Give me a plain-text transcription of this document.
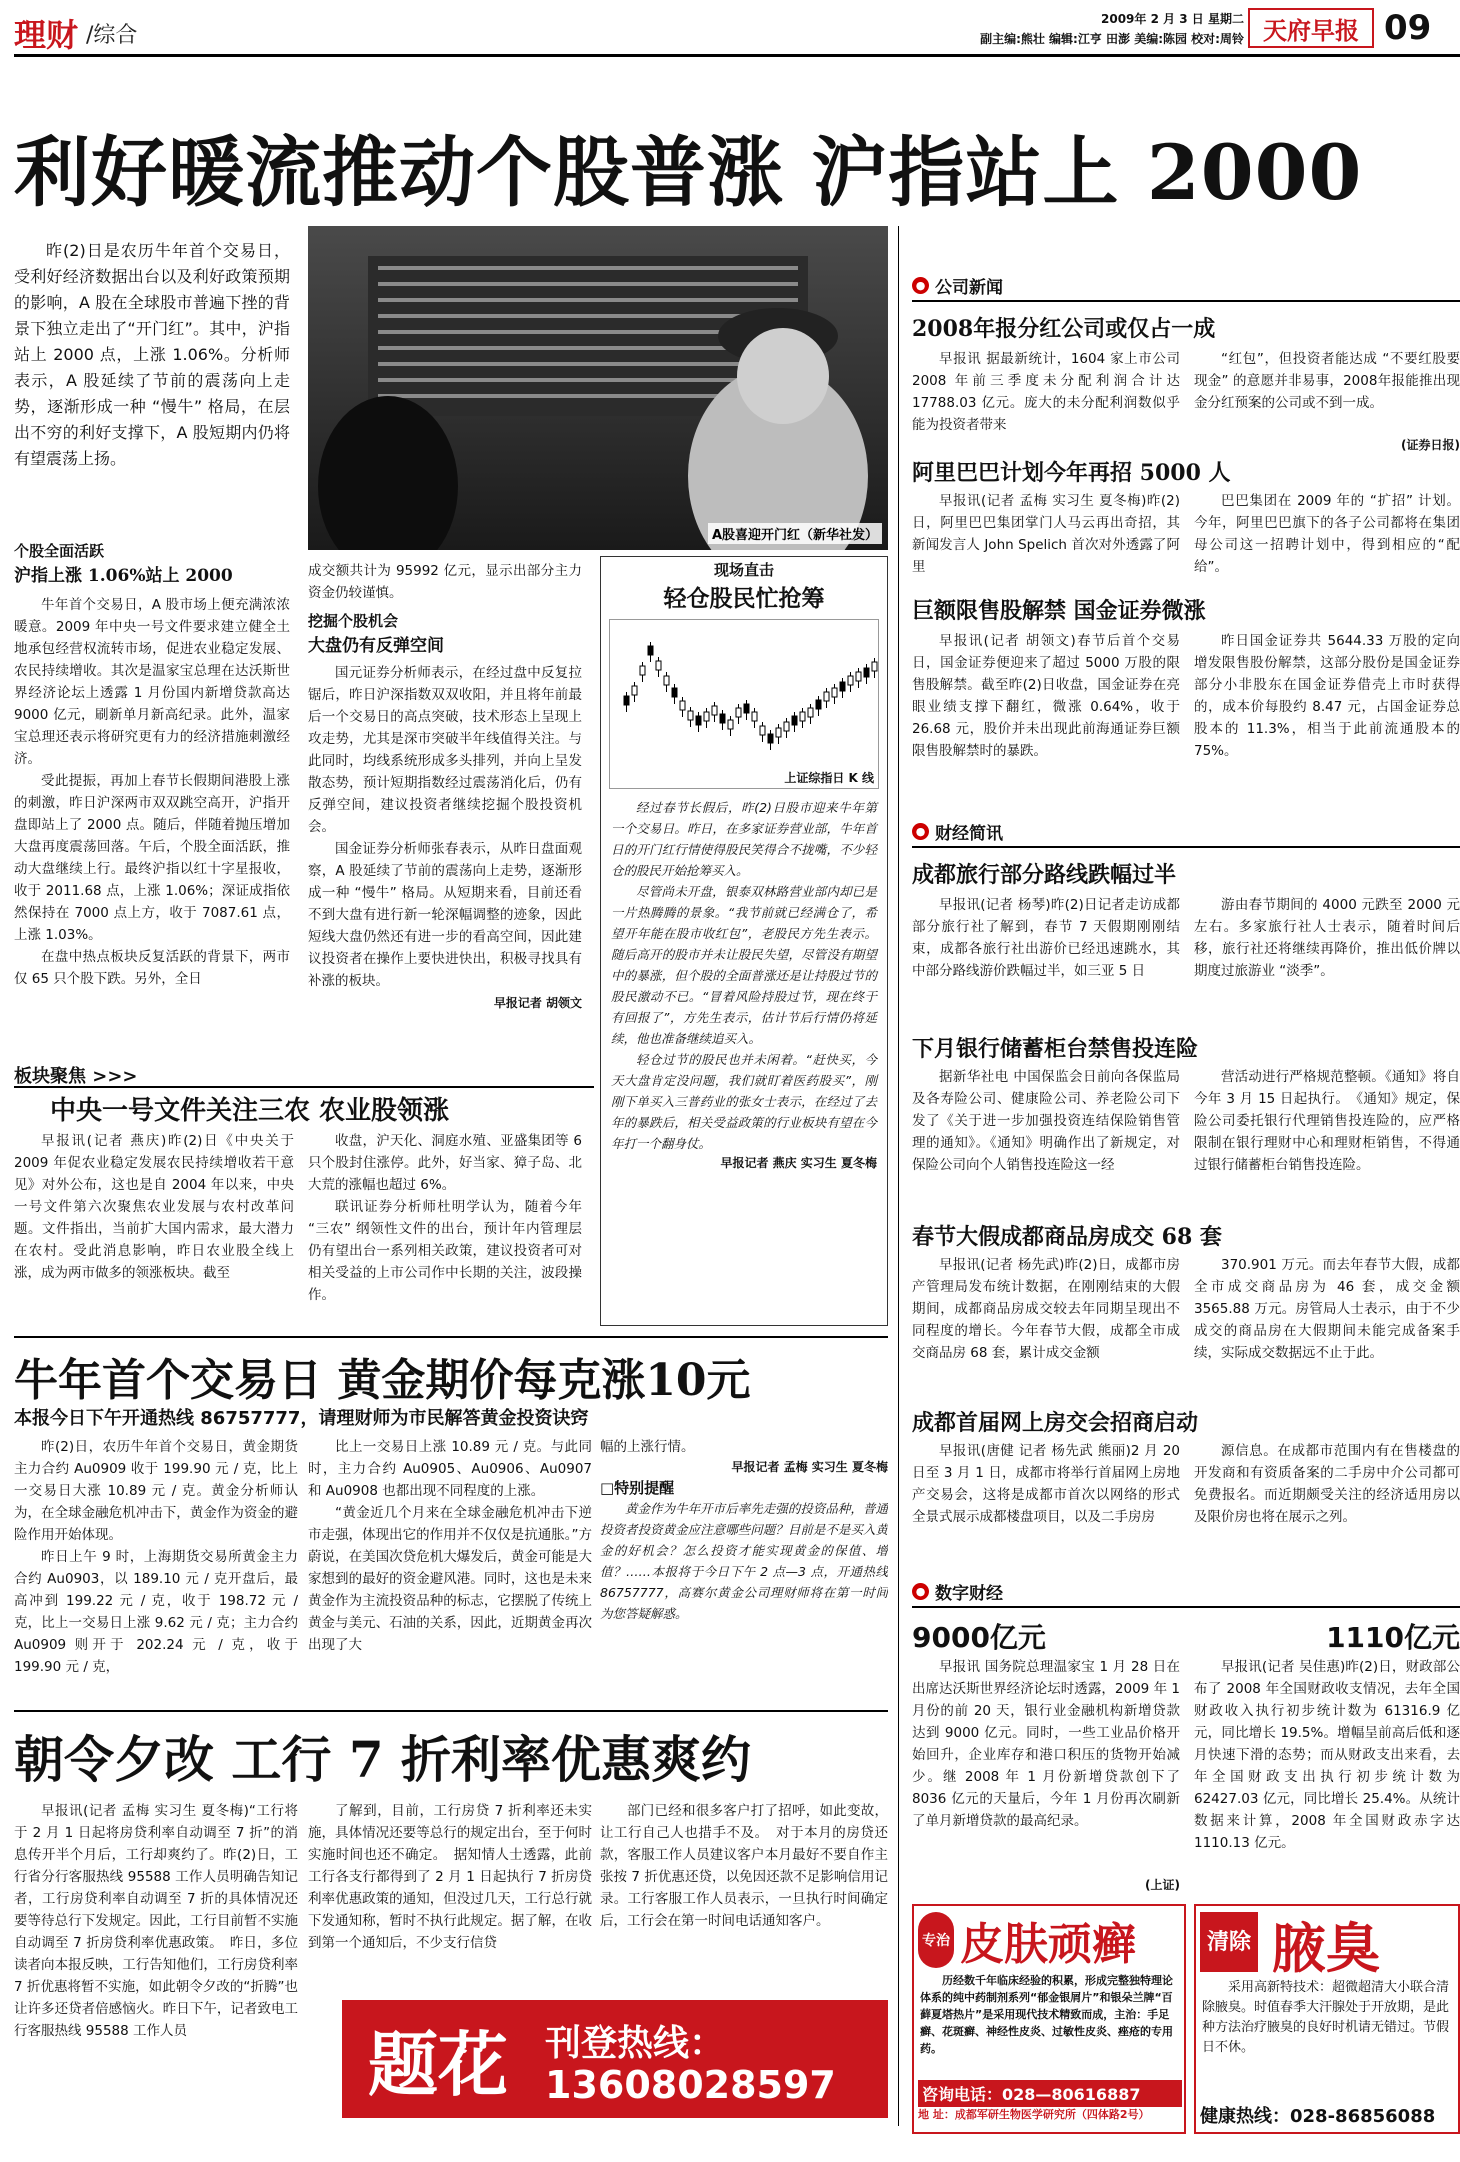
理财 /综合
2009年 2 月 3 日 星期二
副主编:熊壮 编辑:江亨 田澎 美编:陈园 校对:周铃 天府早报 09
利好暖流推动个股普涨 沪指站上 2000
昨(2)日是农历牛年首个交易日，受利好经济数据出台以及利好政策预期的影响，A 股在全球股市普遍下挫的背景下独立走出了“开门红”。其中，沪指站上 2000 点，上涨 1.06%。分析师表示，A 股延续了节前的震荡向上走势，逐渐形成一种 “慢牛” 格局，在层出不穷的利好支撑下，A 股短期内仍将有望震荡上扬。
A股喜迎开门红（新华社发）
个股全面活跃
沪指上涨 1.06%站上 2000

牛年首个交易日，A 股市场上便充满浓浓暖意。2009 年中央一号文件要求建立健全土地承包经营权流转市场，促进农业稳定发展、农民持续增收。其次是温家宝总理在达沃斯世界经济论坛上透露 1 月份国内新增贷款高达 9000 亿元，刷新单月新高纪录。此外，温家宝总理还表示将研究更有力的经济措施刺激经济。

受此提振，再加上春节长假期间港股上涨的刺激，昨日沪深两市双双跳空高开，沪指开盘即站上了 2000 点。随后，伴随着抛压增加大盘再度震荡回落。午后，个股全面活跃，推动大盘继续上行。最终沪指以红十字星报收，收于 2011.68 点，上涨 1.06%；深证成指依然保持在 7000 点上方，收于 7087.61 点，上涨 1.03%。

在盘中热点板块反复活跃的背景下，两市仅 65 只个股下跌。另外，全日

成交额共计为 95992 亿元，显示出部分主力资金仍较谨慎。
挖掘个股机会
大盘仍有反弹空间

国元证券分析师表示，在经过盘中反复拉锯后，昨日沪深指数双双收阳，并且将年前最后一个交易日的高点突破，技术形态上呈现上攻走势，尤其是深市突破半年线值得关注。与此同时，均线系统形成多头排列，并向上呈发散态势，预计短期指数经过震荡消化后，仍有反弹空间，建议投资者继续挖掘个股投资机会。

国金证券分析师张春表示，从昨日盘面观察，A 股延续了节前的震荡向上走势，逐渐形成一种 “慢牛” 格局。从短期来看，目前还看不到大盘有进行新一轮深幅调整的迹象，因此短线大盘仍然还有进一步的看高空间，因此建议投资者在操作上要快进快出，积极寻找具有补涨的板块。

早报记者 胡领文
现场直击
轻仓股民忙抢筹
上证综指日 K 线

经过春节长假后，昨(2)日股市迎来牛年第一个交易日。昨日，在多家证券营业部，牛年首日的开门红行情使得股民笑得合不拢嘴，不少轻仓的股民开始抢筹买入。

尽管尚未开盘，银泰双林路营业部内却已是一片热腾腾的景象。“我节前就已经满仓了，希望开年能在股市收红包”，老股民方先生表示。随后高开的股市并未让股民失望，尽管没有期望中的暴涨，但个股的全面普涨还是让持股过节的股民激动不已。“冒着风险持股过节，现在终于有回报了”，方先生表示，估计节后行情仍将延续，他也准备继续追买入。

轻仓过节的股民也并未闲着。“赶快买，今天大盘肯定没问题，我们就盯着医药股买”，刚刚下单买入三普药业的张女士表示，在经过了去年的暴跌后，相关受益政策的行业板块有望在今年打一个翻身仗。

早报记者 燕庆 实习生 夏冬梅
板块聚焦 >>>
中央一号文件关注三农 农业股领涨
早报讯(记者 燕庆)昨(2)日《中央关于 2009 年促农业稳定发展农民持续增收若干意见》对外公布，这也是自 2004 年以来，中央一号文件第六次聚焦农业发展与农村改革问题。文件指出，当前扩大国内需求，最大潜力在农村。受此消息影响，昨日农业股全线上涨，成为两市做多的领涨板块。截至

收盘，沪天化、洞庭水殖、亚盛集团等 6 只个股封住涨停。此外，好当家、獐子岛、北大荒的涨幅也超过 6%。

联讯证券分析师杜明学认为，随着今年 “三农” 纲领性文件的出台，预计年内管理层仍有望出台一系列相关政策，建议投资者可对相关受益的上市公司作中长期的关注，波段操作。

牛年首个交易日 黄金期价每克涨10元
本报今日下午开通热线 86757777，请理财师为市民解答黄金投资诀窍

昨(2)日，农历牛年首个交易日，黄金期货主力合约 Au0909 收于 199.90 元 / 克，比上一交易日大涨 10.89 元 / 克。黄金分析师认为，在全球金融危机冲击下，黄金作为资金的避险作用开始体现。

昨日上午 9 时，上海期货交易所黄金主力合约 Au0903，以 189.10 元 / 克开盘后，最高冲到 199.22 元 / 克，收于 198.72 元 / 克，比上一交易日上涨 9.62 元 / 克；主力合约 Au0909 则开于 202.24 元 / 克，收于 199.90 元 / 克，

比上一交易日上涨 10.89 元 / 克。与此同时，主力合约 Au0905、Au0906、Au0907 和 Au0908 也都出现不同程度的上涨。

“黄金近几个月来在全球金融危机冲击下逆市走强，体现出它的作用并不仅仅是抗通胀。”方蔚说，在美国次贷危机大爆发后，黄金可能是大家想到的最好的资金避风港。同时，这也是未来黄金作为主流投资品种的标志，它摆脱了传统上黄金与美元、石油的关系，因此，近期黄金再次出现了大

幅的上涨行情。
早报记者 孟梅 实习生 夏冬梅
□特别提醒
黄金作为牛年开市后率先走强的投资品种，普通投资者投资黄金应注意哪些问题？目前是不是买入黄金的好机会？怎么投资才能实现黄金的保值、增值？……本报将于今日下午 2 点—3 点，开通热线 86757777，高赛尔黄金公司理财师将在第一时间为您答疑解惑。
朝令夕改 工行 7 折利率优惠爽约
早报讯(记者 孟梅 实习生 夏冬梅)“工行将于 2 月 1 日起将房贷利率自动调至 7 折”的消息传开半个月后，工行却爽约了。昨(2)日，工行省分行客服热线 95588 工作人员明确告知记者，工行房贷利率自动调至 7 折的具体情况还要等待总行下发规定。因此，工行目前暂不实施自动调至 7 折房贷利率优惠政策。　昨日，多位读者向本报反映，工行告知他们，工行房贷利率 7 折优惠将暂不实施，如此朝令夕改的“折腾”也让许多还贷者倍感恼火。昨日下午，记者致电工行客服热线 95588 工作人员
了解到，目前，工行房贷 7 折利率还未实施，具体情况还要等总行的规定出台，至于何时实施时间也还不确定。　据知情人士透露，此前工行各支行都得到了 2 月 1 日起执行 7 折房贷利率优惠政策的通知，但没过几天，工行总行就下发通知称，暂时不执行此规定。据了解，在收到第一个通知后，不少支行信贷
部门已经和很多客户打了招呼，如此变故，让工行自己人也措手不及。　对于本月的房贷还款，客服工作人员建议客户本月最好不要自作主张按 7 折优惠还贷，以免因还款不足影响信用记录。工行客服工作人员表示，一旦执行时间确定后，工行会在第一时间电话通知客户。
题花	刊登热线：
13608028597
● 公司新闻
2008年报分红公司或仅占一成
早报讯 据最新统计，1604 家上市公司 2008 年前三季度未分配利润合计达 17788.03 亿元。庞大的未分配利润数似乎能为投资者带来
“红包”，但投资者能达成 “不要红股要现金” 的意愿并非易事，2008年报能推出现金分红预案的公司或不到一成。
(证券日报)
阿里巴巴计划今年再招 5000 人
早报讯(记者 孟梅 实习生 夏冬梅)昨(2)日，阿里巴巴集团掌门人马云再出奇招，其新闻发言人 John Spelich 首次对外透露了阿里
巴巴集团在 2009 年的 “扩招” 计划。今年，阿里巴巴旗下的各子公司都将在集团母公司这一招聘计划中，得到相应的“配给”。
巨额限售股解禁 国金证券微涨
早报讯(记者 胡领文)春节后首个交易日，国金证券便迎来了超过 5000 万股的限售股解禁。截至昨(2)日收盘，国金证券在亮眼业绩支撑下翻红，微涨 0.64%，收于 26.68 元，股价并未出现此前海通证券巨额限售股解禁时的暴跌。
昨日国金证券共 5644.33 万股的定向增发限售股份解禁，这部分股份是国金证券部分小非股东在国金证券借壳上市时获得的，成本价每股约 8.47 元，占国金证券总股本的 11.3%，相当于此前流通股本的 75%。
● 财经简讯
成都旅行部分路线跌幅过半
早报讯(记者 杨琴)昨(2)日记者走访成都部分旅行社了解到，春节 7 天假期刚刚结束，成都各旅行社出游价已经迅速跳水，其中部分路线游价跌幅过半，如三亚 5 日
游由春节期间的 4000 元跌至 2000 元左右。多家旅行社人士表示，随着时间后移，旅行社还将继续再降价，推出低价牌以期度过旅游业 “淡季”。
下月银行储蓄柜台禁售投连险
据新华社电 中国保监会日前向各保监局及各寿险公司、健康险公司、养老险公司下发了《关于进一步加强投资连结保险销售管理的通知》。《通知》明确作出了新规定，对保险公司向个人销售投连险这一经
营活动进行严格规范整顿。《通知》将自今年 3 月 15 日起执行。　《通知》规定，保险公司委托银行代理销售投连险的，应严格限制在银行理财中心和理财柜销售，不得通过银行储蓄柜台销售投连险。
春节大假成都商品房成交 68 套
早报讯(记者 杨先武)昨(2)日，成都市房产管理局发布统计数据，在刚刚结束的大假期间，成都商品房成交较去年同期呈现出不同程度的增长。今年春节大假，成都全市成交商品房 68 套，累计成交金额
370.901 万元。而去年春节大假，成都全市成交商品房为 46 套，成交金额 3565.88 万元。房管局人士表示，由于不少成交的商品房在大假期间未能完成备案手续，实际成交数据远不止于此。
成都首届网上房交会招商启动
早报讯(唐健 记者 杨先武 熊丽)2 月 20 日至 3 月 1 日，成都市将举行首届网上房地产交易会，这将是成都市首次以网络的形式全景式展示成都楼盘项目，以及二手房房
源信息。在成都市范围内有在售楼盘的开发商和有资质备案的二手房中介公司都可免费报名。而近期颇受关注的经济适用房以及限价房也将在展示之列。
● 数字财经
9000亿元
早报讯 国务院总理温家宝 1 月 28 日在出席达沃斯世界经济论坛时透露，2009 年 1 月份的前 20 天，银行业金融机构新增贷款达到 9000 亿元。同时，一些工业品价格开始回升，企业库存和港口积压的货物开始减少。继 2008 年 1 月份新增贷款创下了 8036 亿元的天量后，今年 1 月份再次刷新了单月新增贷款的最高纪录。
(上证)
1110亿元
早报讯(记者 吴佳惠)昨(2)日，财政部公布了 2008 年全国财政收支情况，去年全国财政收入执行初步统计数为 61316.9 亿元，同比增长 19.5%。增幅呈前高后低和逐月快速下滑的态势；而从财政支出来看，去年全国财政支出执行初步统计数为 62427.03 亿元，同比增长 25.4%。从统计数据来计算，2008 年全国财政赤字达 1110.13 亿元。
专治 皮肤顽癣
历经数千年临床经验的积累，形成完整独特理论体系的纯中药制剂系列“郁金银屑片”和银朵兰牌“百藓夏塔热片”是采用现代技术精致而成，主治：手足癣、花斑癣、神经性皮炎、过敏性皮炎、痤疮的专用药。
咨询电话：028—80616887
地 址：成都军研生物医学研究所（四体路2号）
清除 腋臭
采用高新特技术：超微超清大小联合清除腋臭。时值春季大汗腺处于开放期，是此种方法治疗腋臭的良好时机请无错过。节假日不休。
健康热线：028-86856088
